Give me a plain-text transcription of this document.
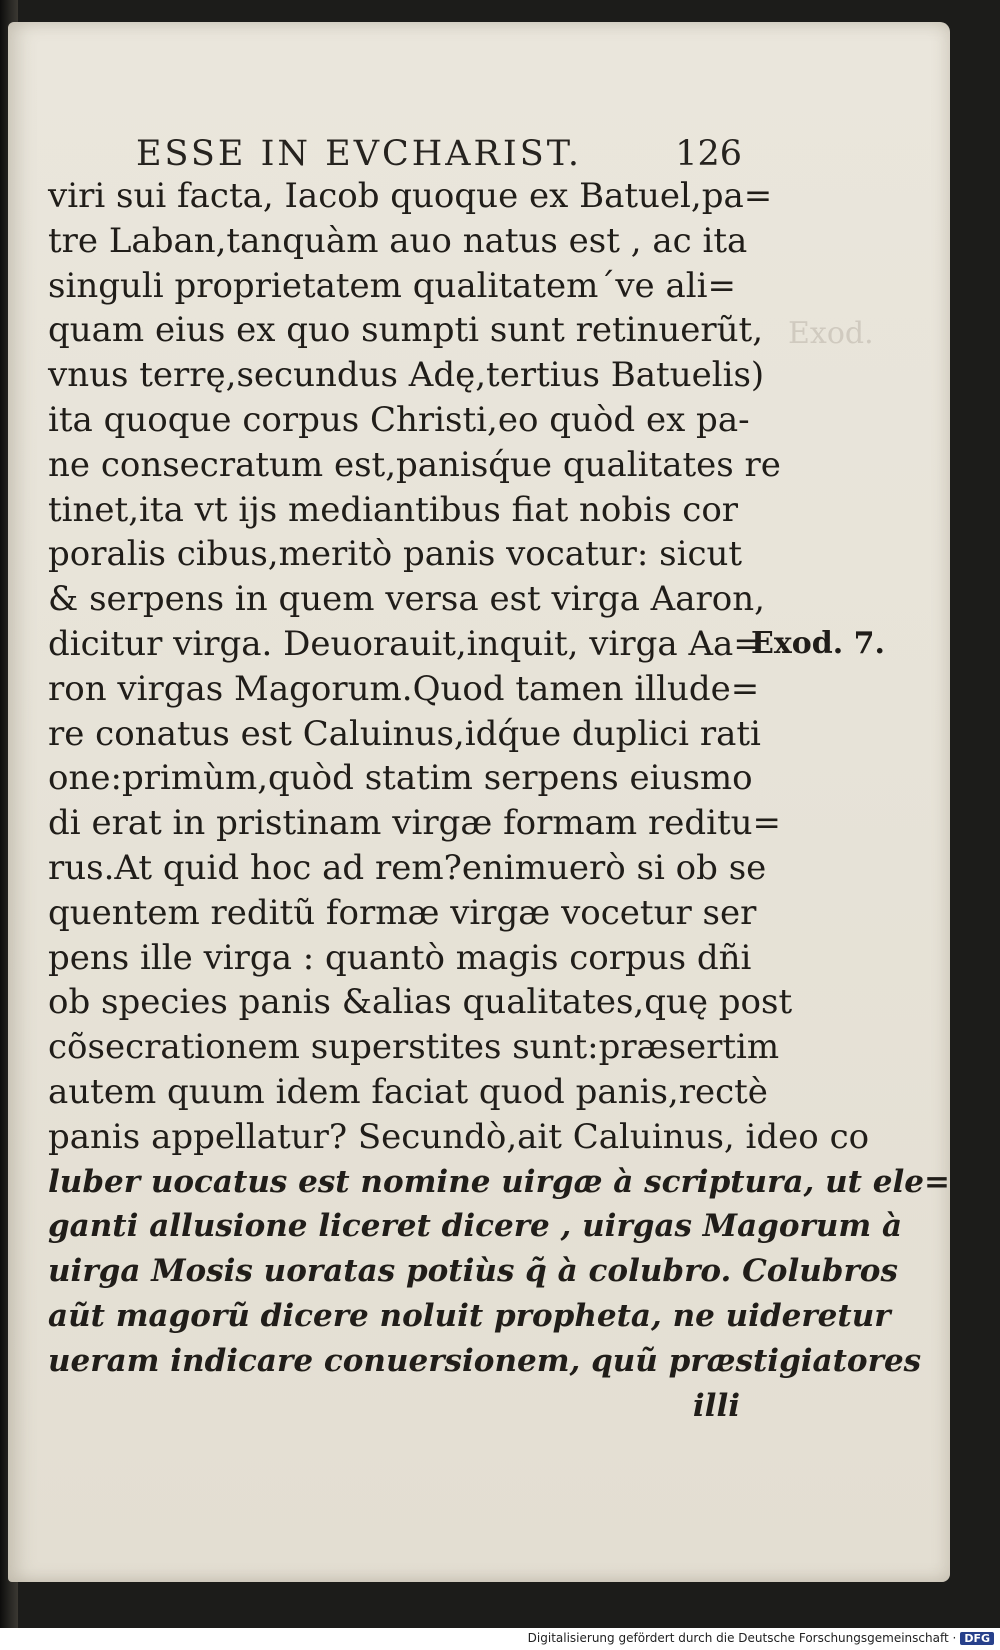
ESSE IN EVCHARIST.	126
Exod.
viri sui facta, Iacob quoque ex Batuel,pa=
tre Laban,tanquàm auo natus est , ac ita
singuli proprietatem qualitatem´ve ali=
quam eius ex quo sumpti sunt retinuerũt,
vnus terrę,secundus Adę,tertius Batuelis)
ita quoque corpus Christi,eo quòd ex pa-
ne consecratum est,panisq́ue qualitates re
tinet,ita vt ijs mediantibus fiat nobis cor
poralis cibus,meritò panis vocatur: sicut
& serpens in quem versa est virga Aaron,
dicitur virga. Deuorauit,inquit, virga Aa=
ron virgas Magorum.Quod tamen illude=
re conatus est Caluinus,idq́ue duplici rati
one:primùm,quòd statim serpens eiusmo
di erat in pristinam virgæ formam reditu=
rus.At quid hoc ad rem?enimuerò si ob se
quentem reditũ formæ virgæ vocetur ser
pens ille virga : quantò magis corpus dñi
ob species panis &alias qualitates,quę post
cõsecrationem superstites sunt:præsertim
autem quum idem faciat quod panis,rectè
panis appellatur? Secundò,ait Caluinus, ideo co
luber uocatus est nomine uirgæ à scriptura, ut ele=
ganti allusione liceret dicere , uirgas Magorum à
uirga Mosis uoratas potiùs q̃ à colubro. Colubros
aũt magorũ dicere noluit propheta, ne uideretur
ueram indicare conuersionem, quũ præstigiatores
illi
Exod. 7.
Digitalisierung gefördert durch die Deutsche Forschungsgemeinschaft · DFG
